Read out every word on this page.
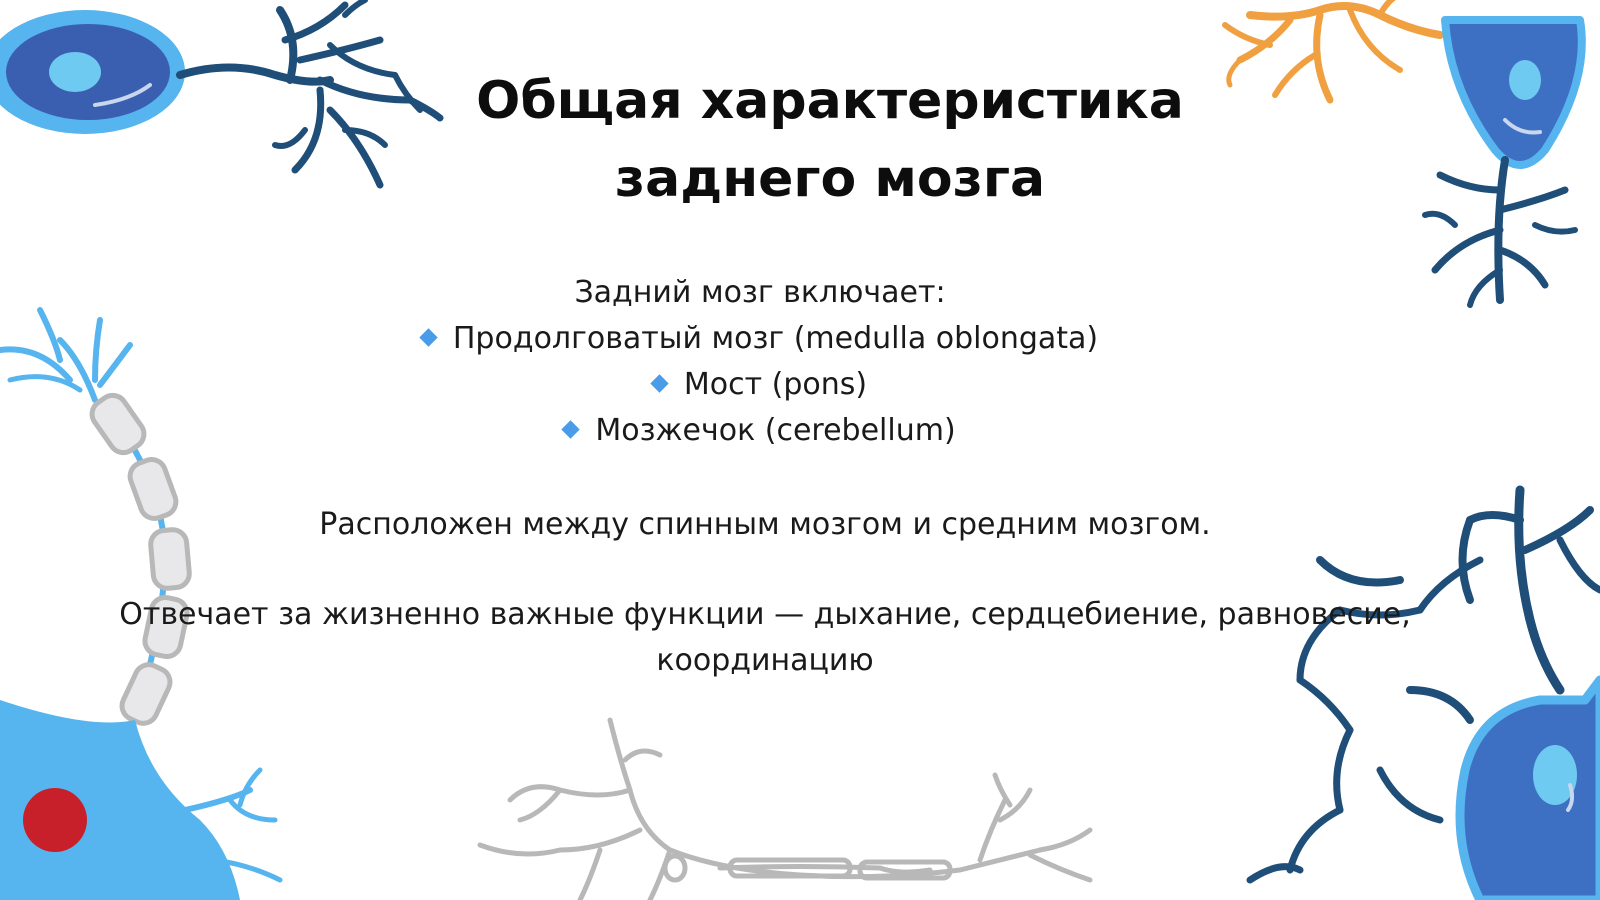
Общая характеристика
заднего мозга

Задний мозг включает:

Продолговатый мозг (medulla oblongata)
Мост (pons)
Мозжечок (cerebellum)

Расположен между спинным мозгом и средним мозгом.

Отвечает за жизненно важные функции — дыхание, сердцебиение, равновесие,
координацию
